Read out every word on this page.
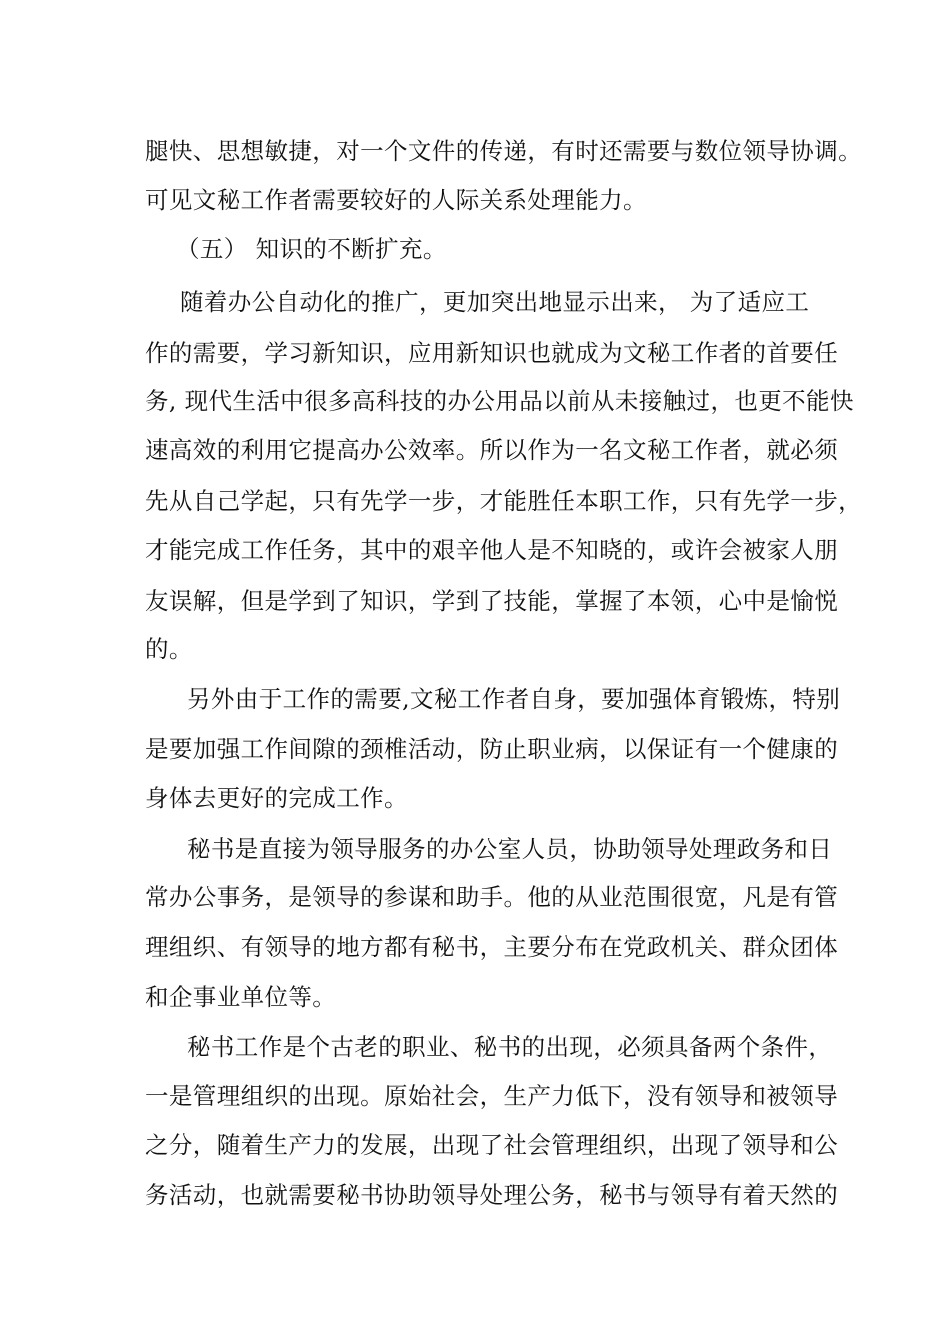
腿快、思想敏捷，对一个文件的传递，有时还需要与数位领导协调。
可见文秘工作者需要较好的人际关系处理能力。
（五） 知识的不断扩充。
随着办公自动化的推广，更加突出地显示出来， 为了适应工
作的需要，学习新知识，应用新知识也就成为文秘工作者的首要任
务, 现代生活中很多高科技的办公用品以前从未接触过，也更不能快
速高效的利用它提高办公效率。所以作为一名文秘工作者，就必须
先从自己学起，只有先学一步，才能胜任本职工作，只有先学一步，
才能完成工作任务，其中的艰辛他人是不知晓的，或许会被家人朋
友误解，但是学到了知识，学到了技能，掌握了本领，心中是愉悦
的。
另外由于工作的需要,文秘工作者自身，要加强体育锻炼，特别
是要加强工作间隙的颈椎活动，防止职业病，以保证有一个健康的
身体去更好的完成工作。
秘书是直接为领导服务的办公室人员，协助领导处理政务和日
常办公事务，是领导的参谋和助手。他的从业范围很宽，凡是有管
理组织、有领导的地方都有秘书，主要分布在党政机关、群众团体
和企事业单位等。
秘书工作是个古老的职业、秘书的出现，必须具备两个条件，
一是管理组织的出现。原始社会，生产力低下，没有领导和被领导
之分，随着生产力的发展，出现了社会管理组织，出现了领导和公
务活动，也就需要秘书协助领导处理公务，秘书与领导有着天然的
